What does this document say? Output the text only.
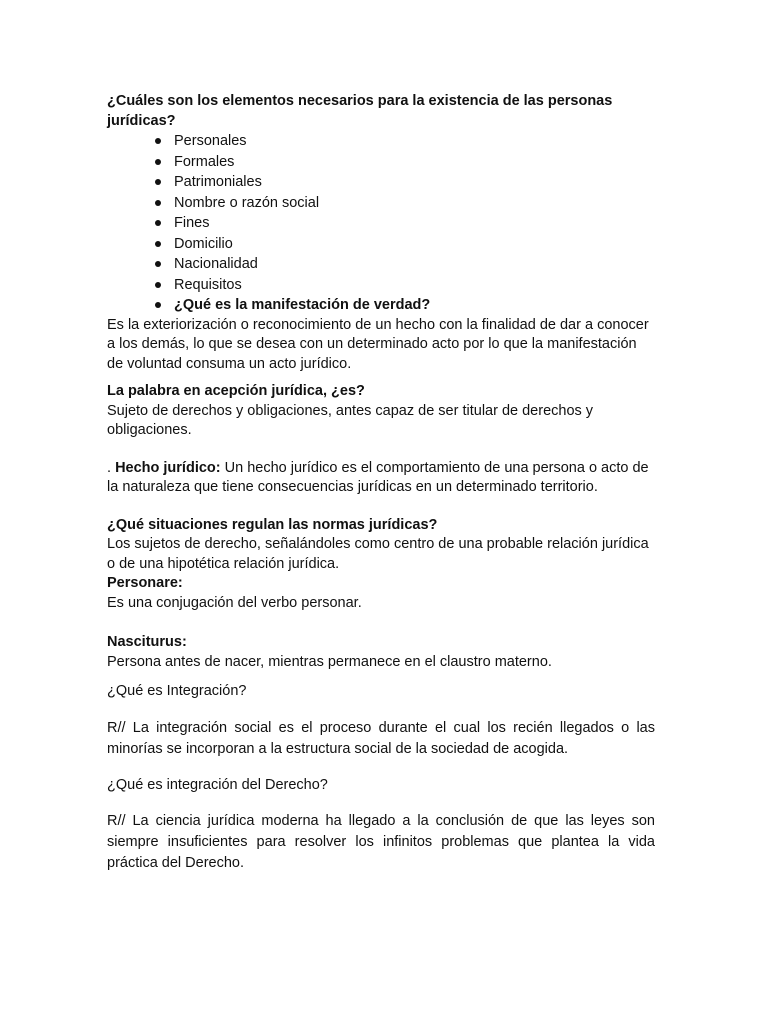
¿Cuáles son los elementos necesarios para la existencia de las personas jurídicas?

Personales
Formales
Patrimoniales
Nombre o razón social
Fines
Domicilio
Nacionalidad
Requisitos
¿Qué es la manifestación de verdad?

Es la exteriorización o reconocimiento de un hecho con la finalidad de dar a conocer a los demás, lo que se desea con un determinado acto por lo que la manifestación de voluntad consuma un acto jurídico.

La palabra en acepción jurídica, ¿es?

Sujeto de derechos y obligaciones, antes capaz de ser titular de derechos y obligaciones.

. Hecho jurídico: Un hecho jurídico es el comportamiento de una persona o acto de la naturaleza que tiene consecuencias jurídicas en un determinado territorio.

¿Qué situaciones regulan las normas jurídicas?

Los sujetos de derecho, señalándoles como centro de una probable relación jurídica o de una hipotética relación jurídica.

Personare:

Es una conjugación del verbo personar.

Nasciturus:

Persona antes de nacer, mientras permanece en el claustro materno.

¿Qué es Integración?

R// La integración social es el proceso durante el cual los recién llegados o las minorías se incorporan a la estructura social de la sociedad de acogida.

¿Qué es integración del Derecho?

R// La ciencia jurídica moderna ha llegado a la conclusión de que las leyes son siempre insuficientes para resolver los infinitos problemas que plantea la vida práctica del Derecho.
